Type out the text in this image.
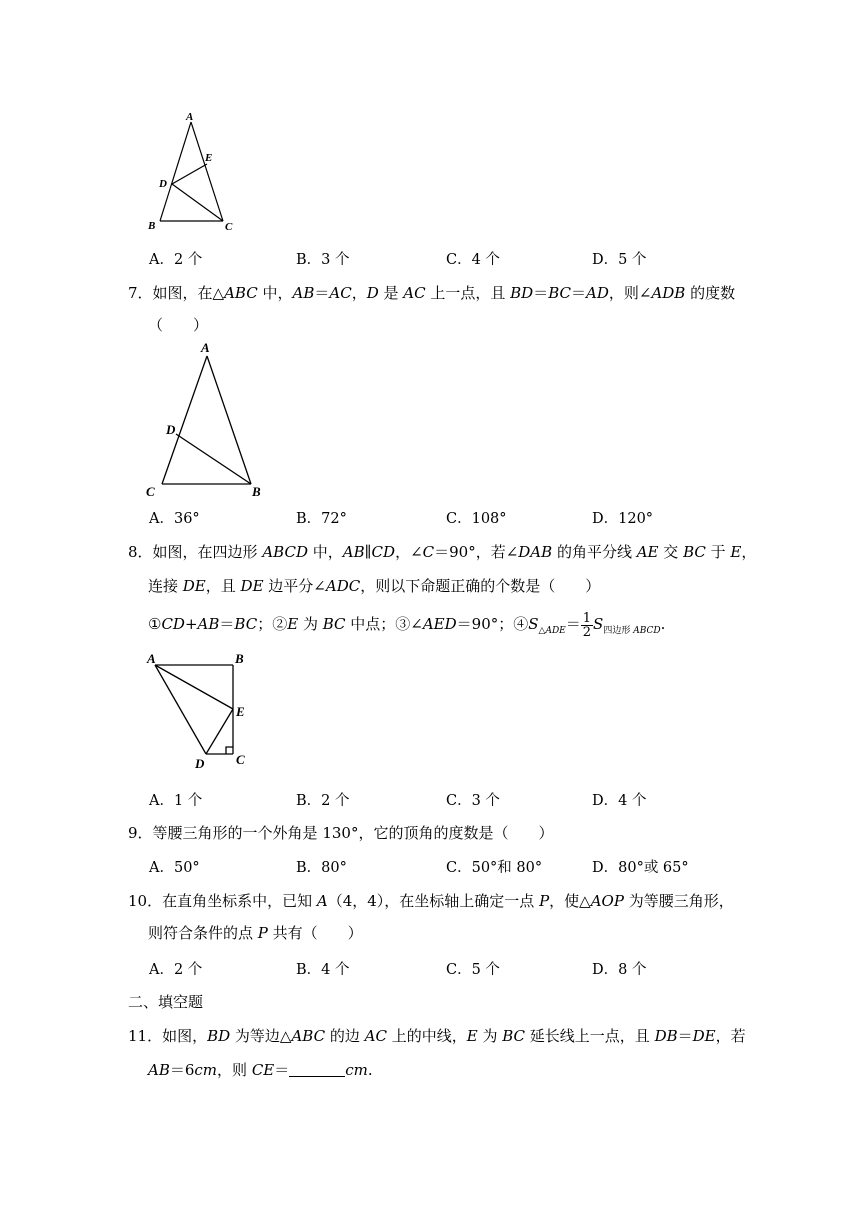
A
E
D
B	C
A．2 个	B．3 个	C．4 个	D．5 个
7．如图，在△ABC 中，AB＝AC，D 是 AC 上一点，且 BD＝BC＝AD，则∠ADB 的度数
（　　）
A
D
C	B
A．36°	B．72°	C．108°	D．120°
8．如图，在四边形 ABCD 中，AB∥CD，∠C＝90°，若∠DAB 的角平分线 AE 交 BC 于 E，
连接 DE，且 DE 边平分∠ADC，则以下命题正确的个数是（　　）
①CD+AB＝BC；②E 为 BC 中点；③∠AED＝90°；$④S_{\triangle ADE}= \frac{1}{2} S_{四边形 ABCD}$.
A	B
E
D C
A．1 个	B．2 个	C．3 个	D．4 个
9．等腰三角形的一个外角是 130°，它的顶角的度数是（　　）
A．50°	B．80°	C．50°和 80°	D．80°或 65°
10．在直角坐标系中，已知 A（4，4），在坐标轴上确定一点 P，使△AOP 为等腰三角形，
则符合条件的点 P 共有（　　）
A．2 个	B．4 个	C．5 个	D．8 个
二、填空题
11．如图，BD 为等边△ABC 的边 AC 上的中线，E 为 BC 延长线上一点，且 DB＝DE，若
AB＝6cm，则 CE＝	cm.
